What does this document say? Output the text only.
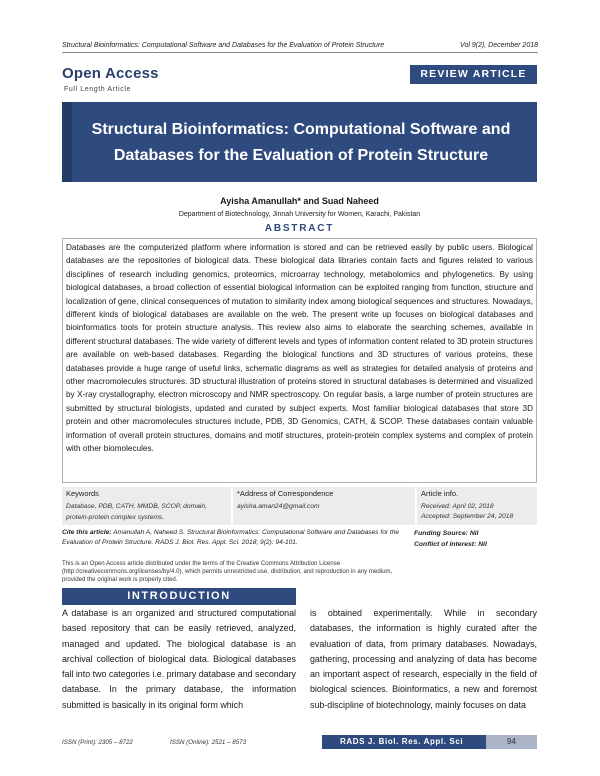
Structural Bioinformatics: Computational Software and Databases for the Evaluation of Protein Structure	Vol 9(2), December 2018
Open Access
Full Length Article
REVIEW ARTICLE
Structural Bioinformatics: Computational Software and Databases for the Evaluation of Protein Structure
Ayisha Amanullah* and Suad Naheed
Department of Biotechnology, Jinnah University for Women, Karachi, Pakistan
ABSTRACT
Databases are the computerized platform where information is stored and can be retrieved easily by public users. Biological databases are the repositories of biological data. These biological data libraries contain facts and figures related to various disciplines of research including genomics, proteomics, microarray technology, metabolomics and phylogenetics. By using biological databases, a broad collection of essential biological information can be exploited ranging from function, structure and localization of gene, clinical consequences of mutation to similarity index among biological sequences and structures. Nowadays, different kinds of biological databases are available on the web. The present write up focuses on biological databases and bioinformatics tools for protein structure analysis. This review also aims to elaborate the searching schemes, available in different structural databases. The wide variety of different levels and types of information content related to 3D protein structures are available on web-based databases. Regarding the biological functions and 3D structures of various proteins, these databases provide a huge range of useful links, schematic diagrams as well as strategies for detailed analysis of proteins and other macromolecules structures. 3D structural illustration of proteins stored in structural databases is determined and visualized by X-ray crystallography, electron microscopy and NMR spectroscopy. On regular basis, a large number of protein structures are submitted by structural biologists, updated and curated by subject experts. Most familiar biological databases that store 3D protein and other macromolecules structures include, PDB, 3D Genomics, CATH, & SCOP. These databases contain valuable information of overall protein structures, domains and motif structures, protein-protein complex systems and complex of protein with other biomolecules.
Keywords
Database, PDB, CATH, MMDB, SCOP, domain, protein-protein complex systems.
*Address of Correspondence
ayisha.aman24@gmail.com
Article info.
Received: April 02, 2018
Accepted: September 24, 2018
Cite this article: Amanullah A, Naheed S. Structural Bioinformatics: Computational Software and Databases for the Evaluation of Protein Structure. RADS J. Biol. Res. Appl. Sci. 2018; 9(2): 94-101.
Funding Source: Nil
Conflict of Interest: Nil
This is an Open Access article distributed under the terms of the Creative Commons Attribution License (http://creativecommons.org/licenses/by/4.0), which permits unrestricted use, distribution, and reproduction in any medium, provided the original work is properly cited.
INTRODUCTION
A database is an organized and structured computational based repository that can be easily retrieved, analyzed, managed and updated. The biological database is an archival collection of biological data. Biological databases fall into two categories i.e. primary database and secondary database. In the primary database, the information submitted is basically in its original form which
is obtained experimentally. While in secondary databases, the information is highly curated after the evaluation of data, from primary databases. Nowadays, gathering, processing and analyzing of data has become an important aspect of research, especially in the field of biological sciences. Bioinformatics, a new and foremost sub-discipline of biotechnology, mainly focuses on data
ISSN (Print): 2305 – 8722	ISSN (Online): 2521 – 8573	RADS J. Biol. Res. Appl. Sci	94
